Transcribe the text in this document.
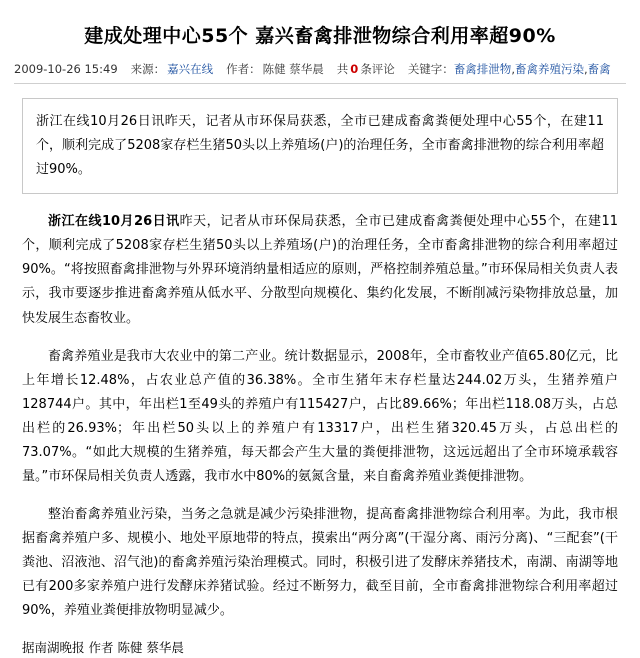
建成处理中心55个 嘉兴畜禽排泄物综合利用率超90%
2009-10-26 15:49 来源： 嘉兴在线 作者： 陈健 蔡华晨 共 0 条评论 关键字： 畜禽排泄物 , 畜禽养殖污染 , 畜禽
浙江在线10月26日讯昨天，记者从市环保局获悉，全市已建成畜禽粪便处理中心55个，在建11个，顺利完成了5208家存栏生猪50头以上养殖场(户)的治理任务，全市畜禽排泄物的综合利用率超过90%。

浙江在线10月26日讯昨天，记者从市环保局获悉，全市已建成畜禽粪便处理中心55个，在建11个，顺利完成了5208家存栏生猪50头以上养殖场(户)的治理任务，全市畜禽排泄物的综合利用率超过90%。“将按照畜禽排泄物与外界环境消纳量相适应的原则，严格控制养殖总量。”市环保局相关负责人表示，我市要逐步推进畜禽养殖从低水平、分散型向规模化、集约化发展，不断削减污染物排放总量，加快发展生态畜牧业。

畜禽养殖业是我市大农业中的第二产业。统计数据显示，2008年，全市畜牧业产值65.80亿元，比上年增长12.48%，占农业总产值的36.38%。全市生猪年末存栏量达244.02万头，生猪养殖户128744户。其中，年出栏1至49头的养殖户有115427户，占比89.66%；年出栏118.08万头，占总出栏的26.93%；年出栏50头以上的养殖户有13317户，出栏生猪320.45万头，占总出栏的73.07%。“如此大规模的生猪养殖，每天都会产生大量的粪便排泄物，这远远超出了全市环境承载容量。”市环保局相关负责人透露，我市水中80%的氨氮含量，来自畜禽养殖业粪便排泄物。

整治畜禽养殖业污染，当务之急就是减少污染排泄物，提高畜禽排泄物综合利用率。为此，我市根据畜禽养殖户多、规模小、地处平原地带的特点，摸索出“两分离”(干湿分离、雨污分离)、“三配套”(干粪池、沼液池、沼气池)的畜禽养殖污染治理模式。同时，积极引进了发酵床养猪技术，南湖、南湖等地已有200多家养殖户进行发酵床养猪试验。经过不断努力，截至目前，全市畜禽排泄物综合利用率超过90%，养殖业粪便排放物明显减少。

据南湖晚报 作者 陈健 蔡华晨
